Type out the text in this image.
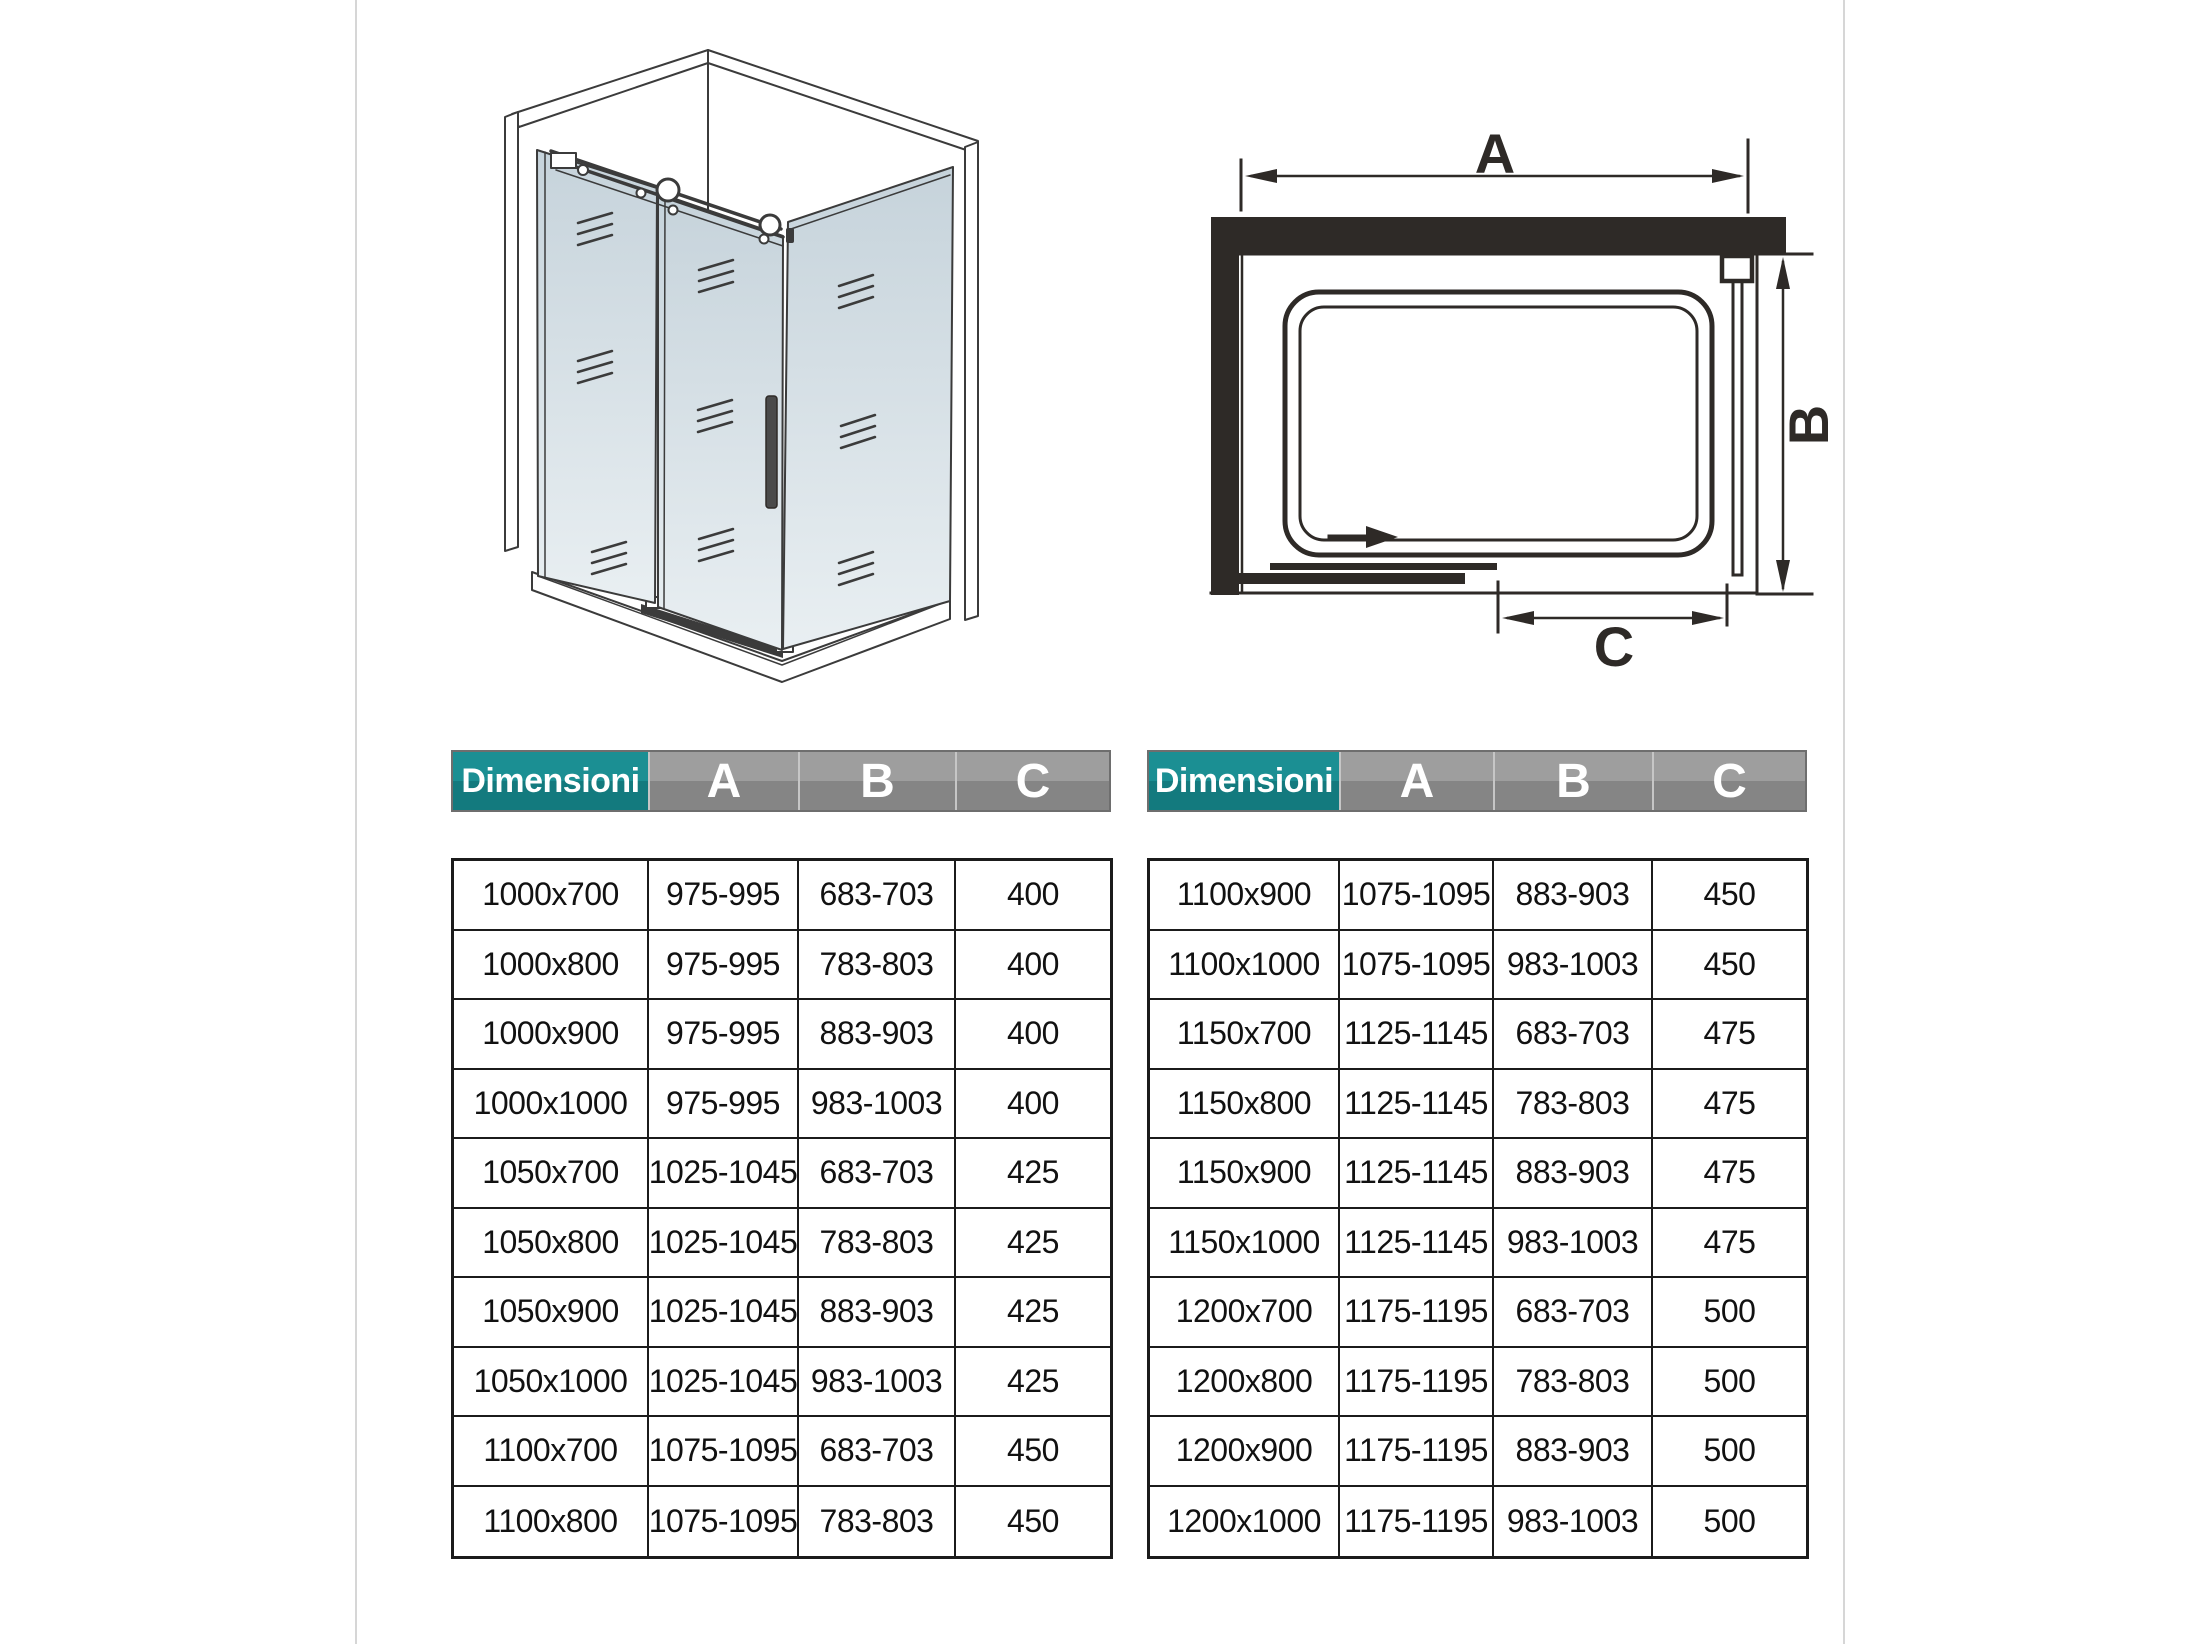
A
B
C
Dimensioni	A	B	C
1000x700	975-995	683-703	400
1000x800	975-995	783-803	400
1000x900	975-995	883-903	400
1000x1000	975-995 983-1003	400
1050x700 1025-1045 683-703	425
1050x800 1025-1045 783-803	425
1050x900 1025-1045 883-903	425
1050x1000 1025-1045 983-1003	425
1100x700 1075-1095 683-703	450
1100x800 1075-1095 783-803	450
Dimensioni	A	B	C
1100x900 1075-1095 883-903	450
1100x1000 1075-1095 983-1003	450
1150x700	1125-1145 683-703	475
1150x800	1125-1145 783-803	475
1150x900	1125-1145 883-903	475
1150x1000 1125-1145 983-1003	475
1200x700 1175-1195 683-703	500
1200x800 1175-1195 783-803	500
1200x900 1175-1195 883-903	500
1200x1000 1175-1195 983-1003	500
